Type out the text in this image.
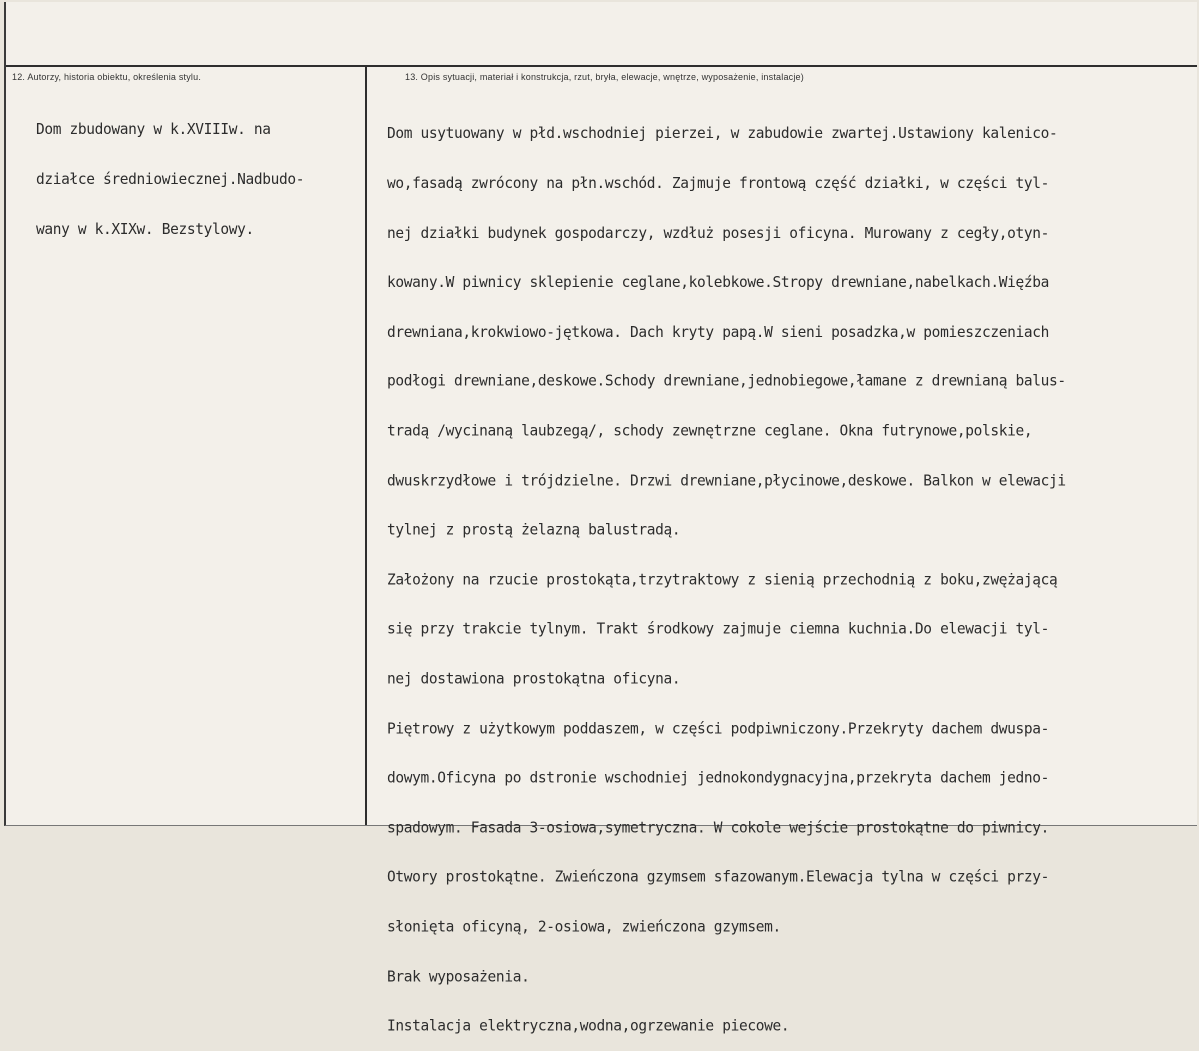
12. Autorzy, historia obiektu, określenia stylu.	13. Opis sytuacji, materiał i konstrukcja, rzut, bryła, elewacje, wnętrze, wyposażenie, instalacje)

Dom zbudowany w k.XVIIIw. na

działce średniowiecznej.Nadbudo-

wany w k.XIXw. Bezstylowy.

Dom usytuowany w płd.wschodniej pierzei, w zabudowie zwartej.Ustawiony kalenico-

wo,fasadą zwrócony na płn.wschód. Zajmuje frontową część działki, w części tyl-

nej działki budynek gospodarczy, wzdłuż posesji oficyna. Murowany z cegły,otyn-

kowany.W piwnicy sklepienie ceglane,kolebkowe.Stropy drewniane,nabelkach.Więźba

drewniana,krokwiowo-jętkowa. Dach kryty papą.W sieni posadzka,w pomieszczeniach

podłogi drewniane,deskowe.Schody drewniane,jednobiegowe,łamane z drewnianą balus-

tradą /wycinaną laubzegą/, schody zewnętrzne ceglane. Okna futrynowe,polskie,

dwuskrzydłowe i trójdzielne. Drzwi drewniane,płycinowe,deskowe. Balkon w elewacji

tylnej z prostą żelazną balustradą.

Założony na rzucie prostokąta,trzytraktowy z sienią przechodnią z boku,zwężającą

się przy trakcie tylnym. Trakt środkowy zajmuje ciemna kuchnia.Do elewacji tyl-

nej dostawiona prostokątna oficyna.

Piętrowy z użytkowym poddaszem, w części podpiwniczony.Przekryty dachem dwuspa-

dowym.Oficyna po dstronie wschodniej jednokondygnacyjna,przekryta dachem jedno-

spadowym. Fasada 3-osiowa,symetryczna. W cokole wejście prostokątne do piwnicy.

Otwory prostokątne. Zwieńczona gzymsem sfazowanym.Elewacja tylna w części przy-

słonięta oficyną, 2-osiowa, zwieńczona gzymsem.

Brak wyposażenia.

Instalacja elektryczna,wodna,ogrzewanie piecowe.
